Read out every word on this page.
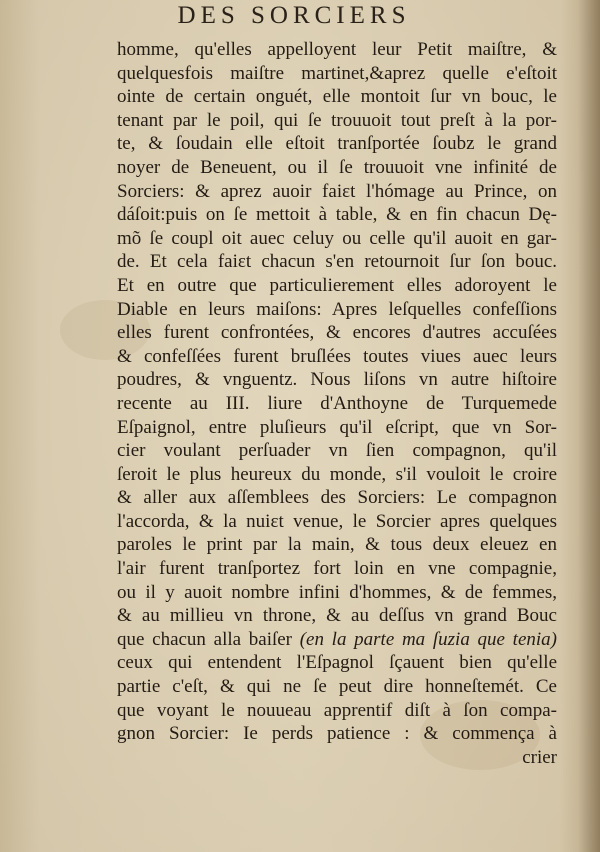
DES SORCIERS
homme, qu'elles appelloyent leur Petit maiſtre, &
quelquesfois maiſtre martinet,&aprez quelle e'eſtoit
ointe de certain onguét, elle montoit ſur vn bouc, le
tenant par le poil, qui ſe trouuoit tout preſt à la por-
te, & ſoudain elle eſtoit tranſportée ſoubz le grand
noyer de Beneuent, ou il ſe trouuoit vne infinité de
Sorciers: & aprez auoir faiɛt l'hómage au Prince, on
dáſoit:puis on ſe mettoit à table, & en fin chacun Dę-
mõ ſe coupl oit auec celuy ou celle qu'il auoit en gar-
de. Et cela faiɛt chacun s'en retournoit ſur ſon bouc.
Et en outre que particulierement elles adoroyent le
Diable en leurs maiſons: Apres leſquelles confeſſions
elles furent confrontées, & encores d'autres accuſées
& confeſſées furent bruſlées toutes viues auec leurs
poudres, & vnguentz. Nous liſons vn autre hiſtoire
recente au III. liure d'Anthoyne de Turquemede
Eſpaignol, entre pluſieurs qu'il eſcript, que vn Sor-
cier voulant perſuader vn ſien compagnon, qu'il
ſeroit le plus heureux du monde, s'il vouloit le croire
& aller aux aſſemblees des Sorciers: Le compagnon
l'accorda, & la nuiɛt venue, le Sorcier apres quelques
paroles le print par la main, & tous deux eleuez en
l'air furent tranſportez fort loin en vne compagnie,
ou il y auoit nombre infini d'hommes, & de femmes,
& au millieu vn throne, & au deſſus vn grand Bouc
que chacun alla baiſer (en la parte ma ſuzia que tenia)
ceux qui entendent l'Eſpagnol ſçauent bien qu'elle
partie c'eſt, & qui ne ſe peut dire honneſtemét. Ce
que voyant le nouueau apprentif diſt à ſon compa-
gnon Sorcier: Ie perds patience : & commença à
crier
